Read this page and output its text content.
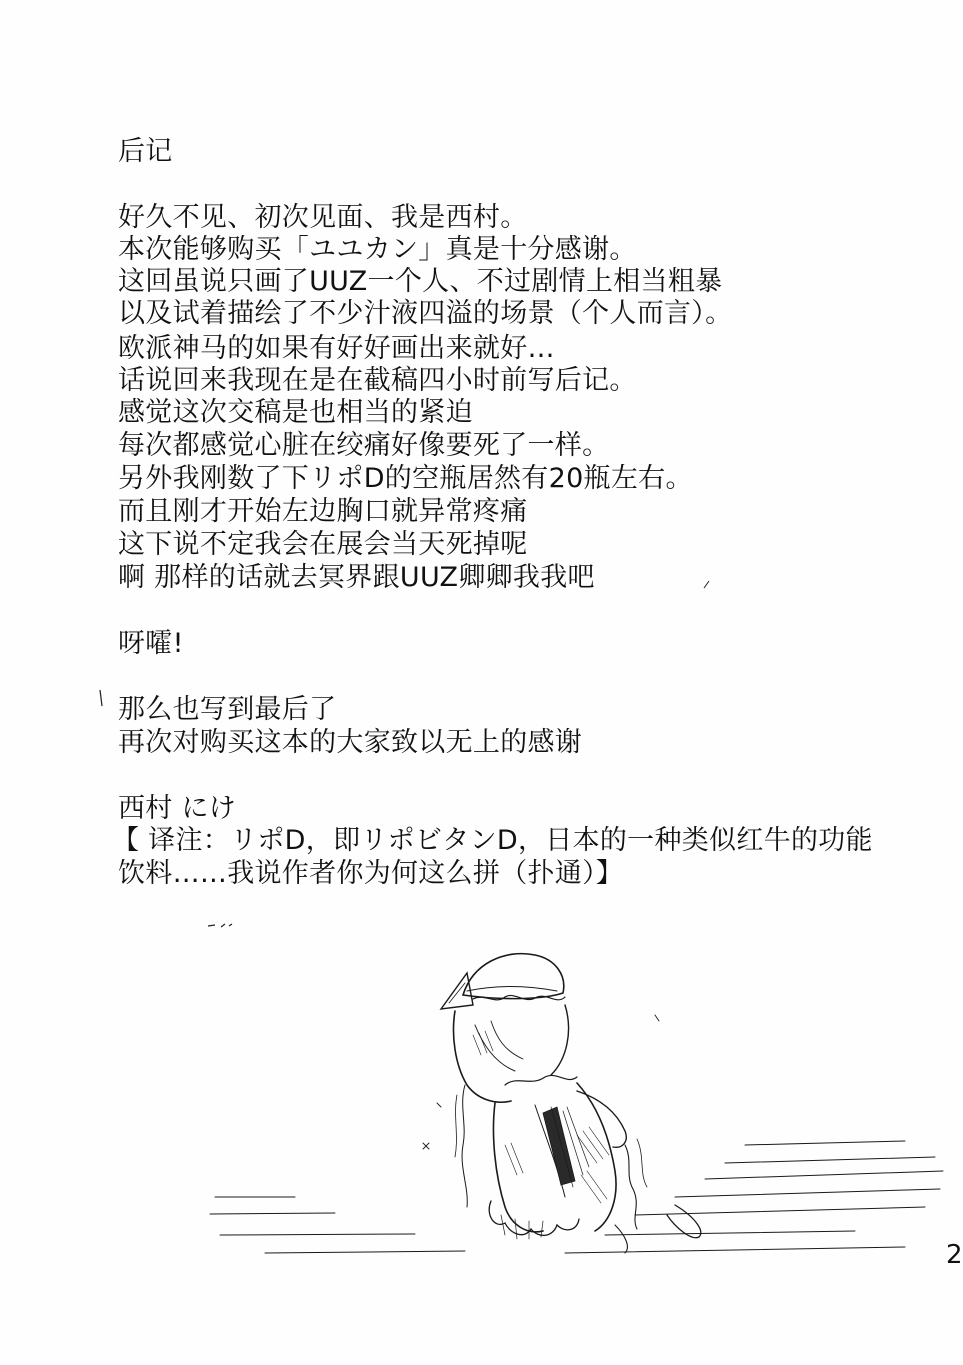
后记
好久不见、初次见面、我是西村。
本次能够购买「ユユカン」真是十分感谢。
这回虽说只画了UUZ一个人、不过剧情上相当粗暴
以及试着描绘了不少汁液四溢的场景（个人而言）。
欧派神马的如果有好好画出来就好…
话说回来我现在是在截稿四小时前写后记。
感觉这次交稿是也相当的紧迫
每次都感觉心脏在绞痛好像要死了一样。
另外我刚数了下リポD的空瓶居然有20瓶左右。
而且刚才开始左边胸口就异常疼痛
这下说不定我会在展会当天死掉呢
啊 那样的话就去冥界跟UUZ卿卿我我吧
呀嚯!
那么也写到最后了
再次对购买这本的大家致以无上的感谢
西村 にけ
【 译注：リポD，即リポビタンD，日本的一种类似红牛的功能
饮料……我说作者你为何这么拼（扑通）】
2
